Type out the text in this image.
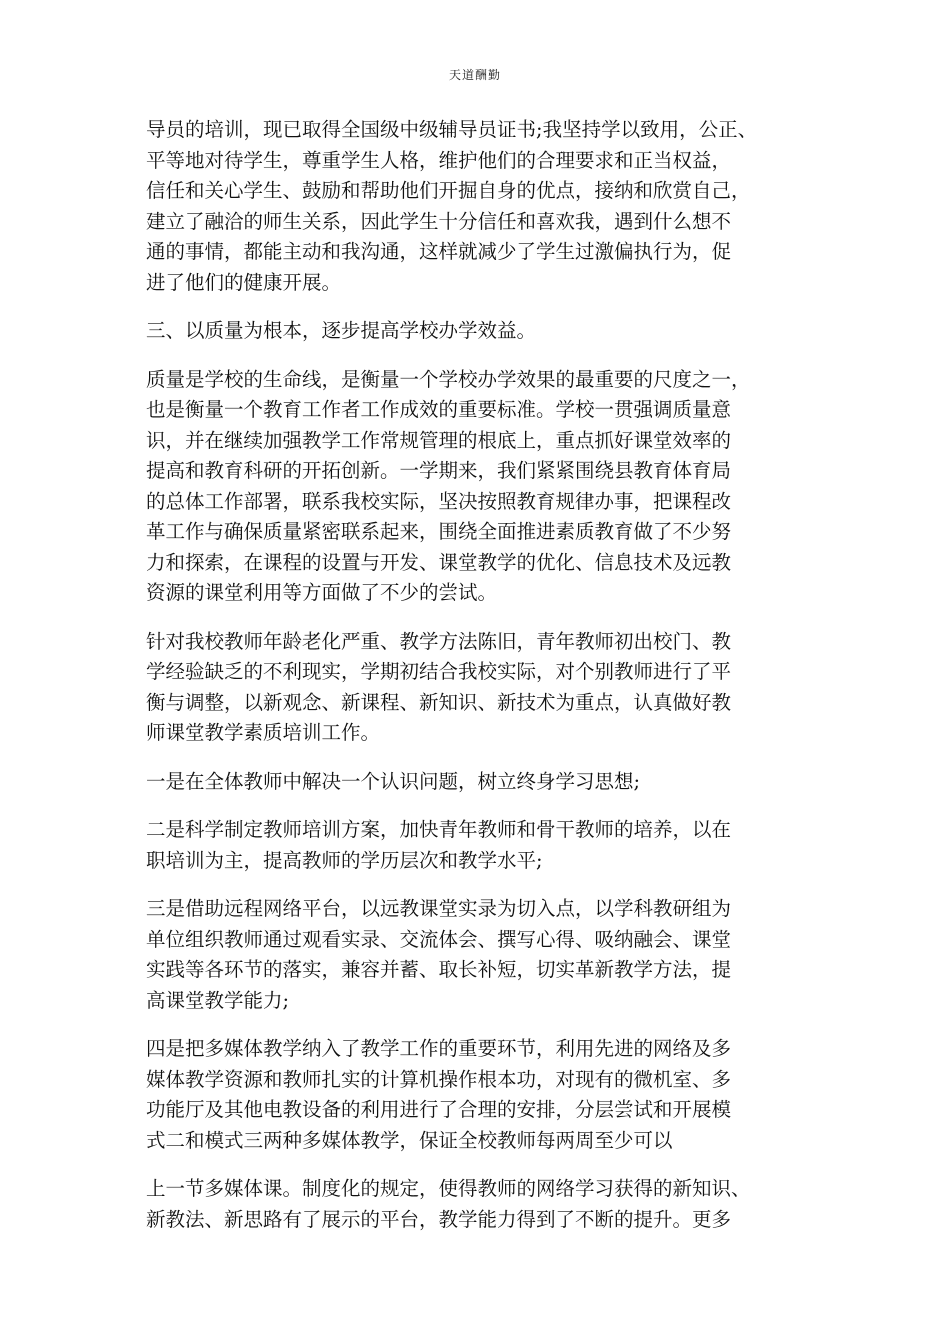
天道酬勤

导员的培训，现已取得全国级中级辅导员证书;我坚持学以致用，公正、
平等地对待学生，尊重学生人格，维护他们的合理要求和正当权益，
信任和关心学生、鼓励和帮助他们开掘自身的优点，接纳和欣赏自己，
建立了融洽的师生关系，因此学生十分信任和喜欢我，遇到什么想不
通的事情，都能主动和我沟通，这样就减少了学生过激偏执行为，促
进了他们的健康开展。

三、以质量为根本，逐步提高学校办学效益。

质量是学校的生命线，是衡量一个学校办学效果的最重要的尺度之一，
也是衡量一个教育工作者工作成效的重要标准。学校一贯强调质量意
识，并在继续加强教学工作常规管理的根底上，重点抓好课堂效率的
提高和教育科研的开拓创新。一学期来，我们紧紧围绕县教育体育局
的总体工作部署，联系我校实际，坚决按照教育规律办事，把课程改
革工作与确保质量紧密联系起来，围绕全面推进素质教育做了不少努
力和探索，在课程的设置与开发、课堂教学的优化、信息技术及远教
资源的课堂利用等方面做了不少的尝试。

针对我校教师年龄老化严重、教学方法陈旧，青年教师初出校门、教
学经验缺乏的不利现实，学期初结合我校实际，对个别教师进行了平
衡与调整，以新观念、新课程、新知识、新技术为重点，认真做好教
师课堂教学素质培训工作。

一是在全体教师中解决一个认识问题，树立终身学习思想;

二是科学制定教师培训方案，加快青年教师和骨干教师的培养，以在
职培训为主，提高教师的学历层次和教学水平;

三是借助远程网络平台，以远教课堂实录为切入点，以学科教研组为
单位组织教师通过观看实录、交流体会、撰写心得、吸纳融会、课堂
实践等各环节的落实，兼容并蓄、取长补短，切实革新教学方法，提
高课堂教学能力;

四是把多媒体教学纳入了教学工作的重要环节，利用先进的网络及多
媒体教学资源和教师扎实的计算机操作根本功，对现有的微机室、多
功能厅及其他电教设备的利用进行了合理的安排，分层尝试和开展模
式二和模式三两种多媒体教学，保证全校教师每两周至少可以

上一节多媒体课。制度化的规定，使得教师的网络学习获得的新知识、
新教法、新思路有了展示的平台，教学能力得到了不断的提升。更多
